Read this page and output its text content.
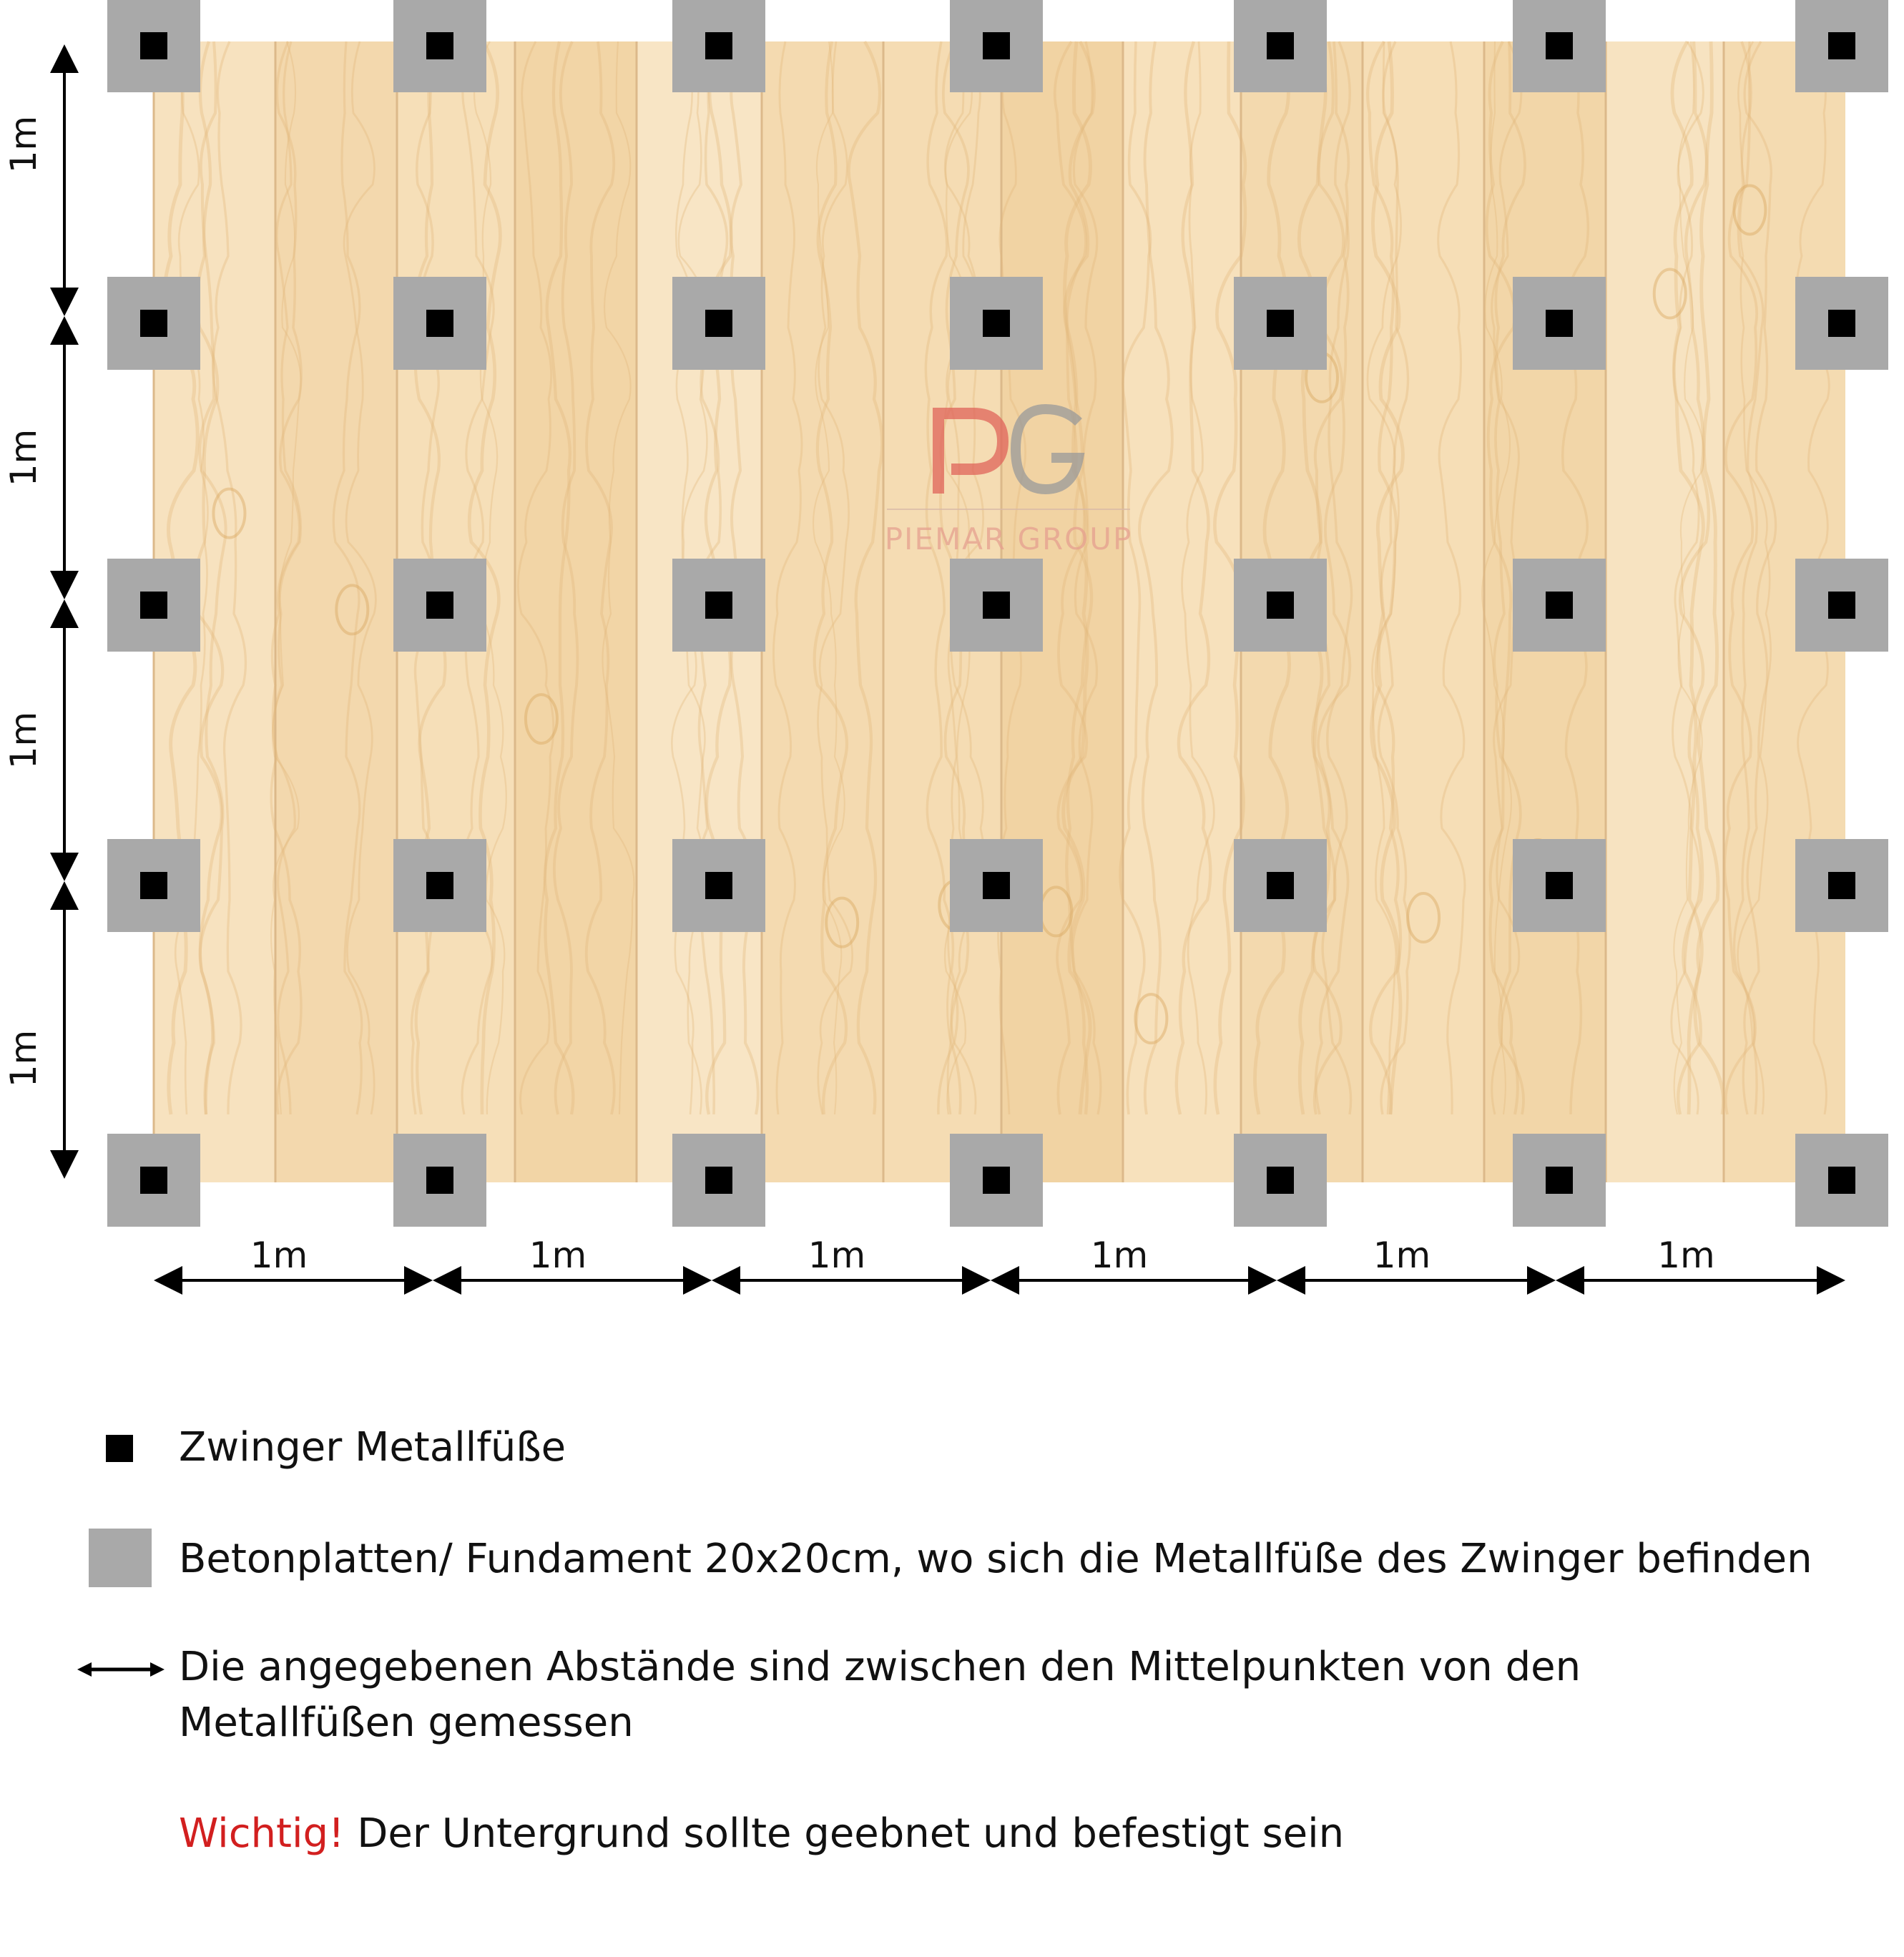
PIEMAR GROUP
1m
1m
1m
1m
1m	1m	1m	1m	1m	1m
Zwinger Metallfüße
Betonplatten/ Fundament 20x20cm, wo sich die Metallfüße des Zwinger befinden
Die angegebenen Abstände sind zwischen den Mittelpunkten von den
Metallfüßen gemessen
Wichtig! Der Untergrund sollte geebnet und befestigt sein
